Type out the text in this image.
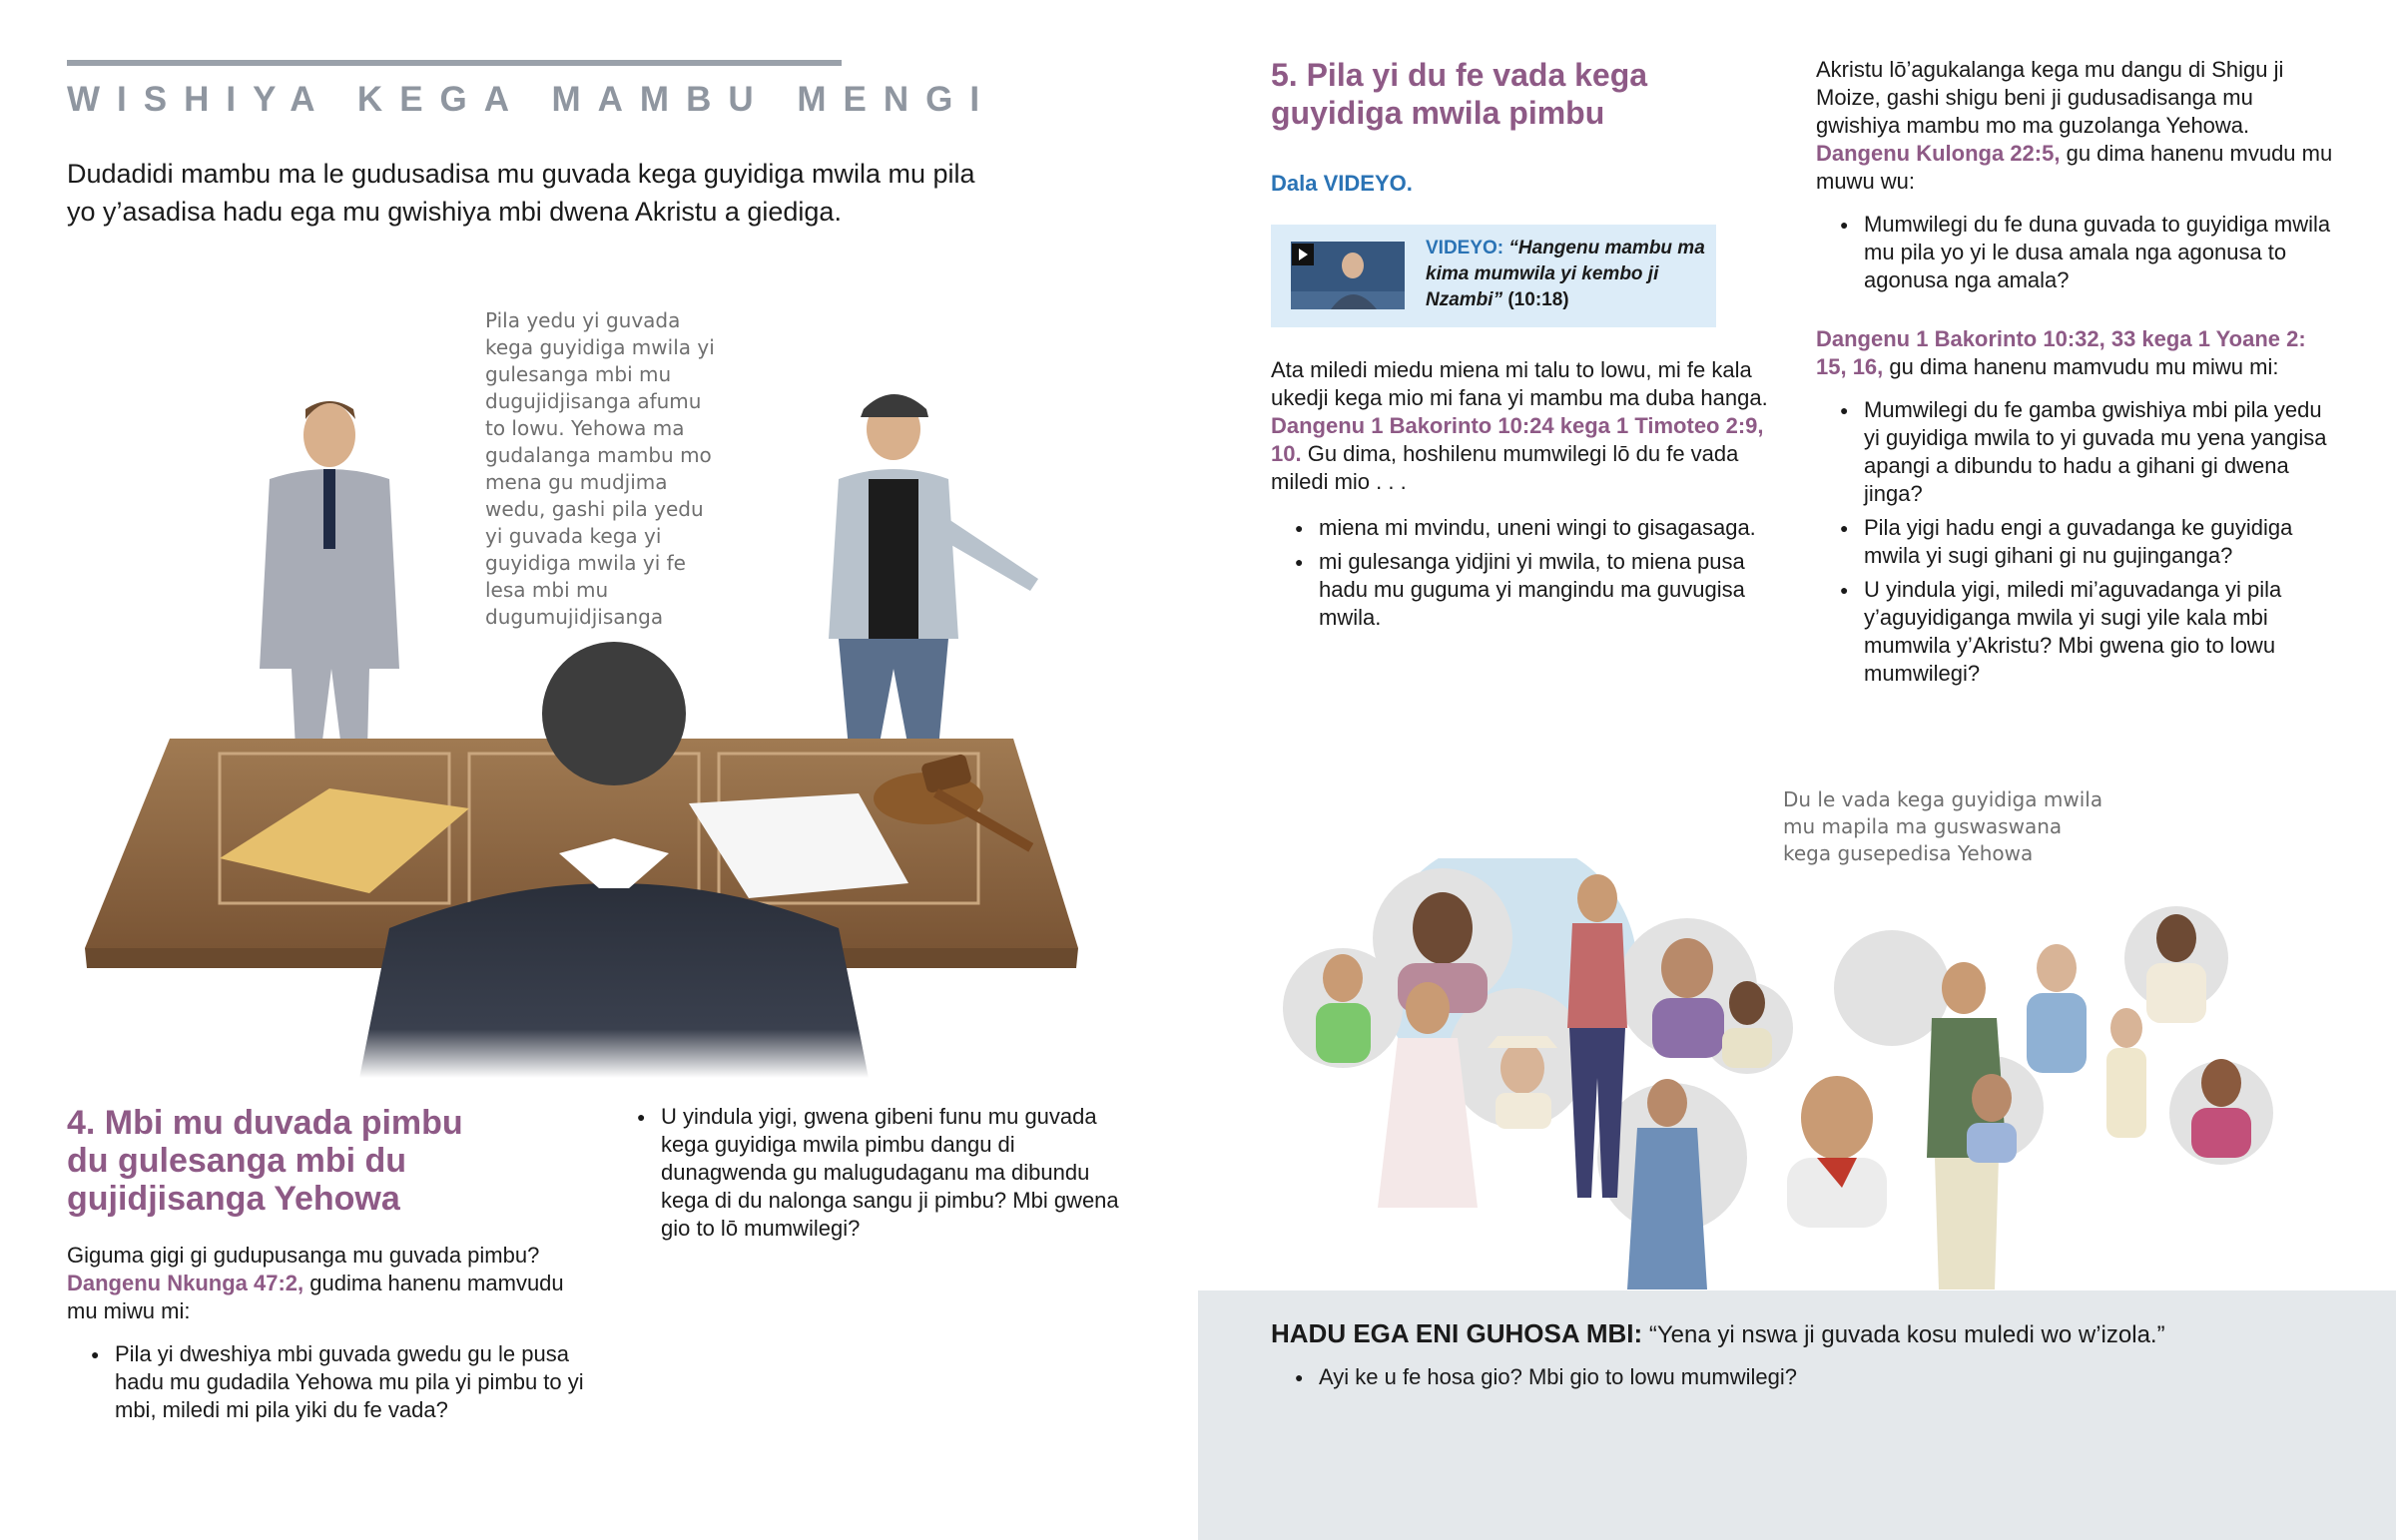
WISHIYA KEGA MAMBU MENGI
Dudadidi mambu ma le gudusadisa mu guvada kega guyidiga mwila mu pila yo y’asadisa hadu ega mu gwishiya mbi dwena Akristu a giediga.
Pila yedu yi guvada kega guyidiga mwila yi gulesanga mbi mu dugujidjisanga afumu to lowu. Yehowa ma gudalanga mambu mo mena gu mudjima wedu, gashi pila yedu yi guvada kega yi guyidiga mwila yi fe lesa mbi mu dugumujidjisanga
4. Mbi mu duvada pimbu du gulesanga mbi du gujidjisanga Yehowa
Giguma gigi gi gudupusanga mu guvada pimbu? Dangenu Nkunga 47:2, gudima hanenu mamvudu mu miwu mi:
● Pila yi dweshiya mbi guvada gwedu gu le pusa hadu mu gudadila Yehowa mu pila yi pimbu to yi mbi, miledi mi pila yiki du fe vada?
● U yindula yigi, gwena gibeni funu mu guvada kega guyidiga mwila pimbu dangu di dunagwenda gu malugudaganu ma dibundu kega di du nalonga sangu ji pimbu? Mbi gwena gio to lō mumwilegi?
5. Pila yi du fe vada kega guyidiga mwila pimbu
Dala VIDEYO.
VIDEYO: “Hangenu mambu ma kima mumwila yi kembo ji Nzambi” (10:18)
Ata miledi miedu miena mi talu to lowu, mi fe kala ukedji kega mio mi fana yi mambu ma duba hanga. Dangenu 1 Bakorinto 10:24 kega 1 Timoteo 2:9, 10. Gu dima, hoshilenu mumwilegi lō du fe vada miledi mio . . .
● miena mi mvindu, uneni wingi to gisagasaga.
● mi gulesanga yidjini yi mwila, to miena pusa hadu mu guguma yi mangindu ma guvugisa mwila.
Akristu lō’agukalanga kega mu dangu di Shigu ji Moize, gashi shigu beni ji gudusadisanga mu gwishiya mambu mo ma guzolanga Yehowa. Dangenu Kulonga 22:5, gu dima hanenu mvudu mu muwu wu:
● Mumwilegi du fe duna guvada to guyidiga mwila mu pila yo yi le dusa amala nga agonusa to agonusa nga amala?
Dangenu 1 Bakorinto 10:32, 33 kega 1 Yoane 2: 15, 16, gu dima hanenu mamvudu mu miwu mi:
● Mumwilegi du fe gamba gwishiya mbi pila yedu yi guyidiga mwila to yi guvada mu yena yangisa apangi a dibundu to hadu a gihani gi dwena jinga?
● Pila yigi hadu engi a guvadanga ke guyidiga mwila yi sugi gihani gi nu gujinganga?
● U yindula yigi, miledi mi’aguvadanga yi pila y’aguyidiganga mwila yi sugi yile kala mbi mumwila y’Akristu? Mbi gwena gio to lowu mumwilegi?
Du le vada kega guyidiga mwila mu mapila ma guswaswana kega gusepedisa Yehowa
HADU EGA ENI GUHOSA MBI: “Yena yi nswa ji guvada kosu muledi wo w’izola.”
● Ayi ke u fe hosa gio? Mbi gio to lowu mumwilegi?
